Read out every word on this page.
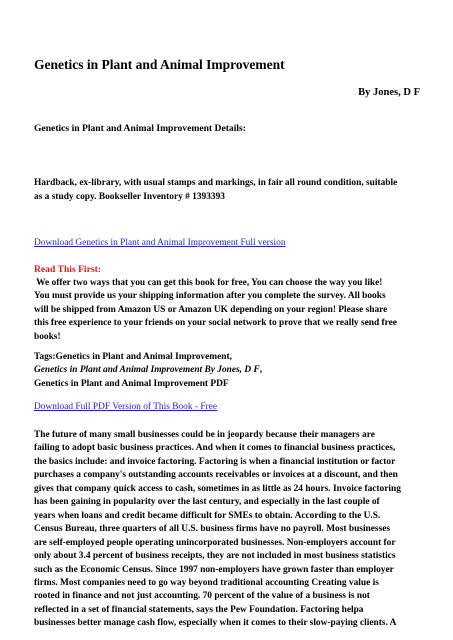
Genetics in Plant and Animal Improvement
By Jones, D F
Genetics in Plant and Animal Improvement Details:
Hardback, ex-library, with usual stamps and markings, in fair all round condition, suitable
as a study copy. Bookseller Inventory # 1393393
Download Genetics in Plant and Animal Improvement Full version
Read This First:
We offer two ways that you can get this book for free, You can choose the way you like!
You must provide us your shipping information after you complete the survey. All books
will be shipped from Amazon US or Amazon UK depending on your region! Please share
this free experience to your friends on your social network to prove that we really send free
books!
Tags:Genetics in Plant and Animal Improvement,
Genetics in Plant and Animal Improvement By Jones, D F,
Genetics in Plant and Animal Improvement PDF
Download Full PDF Version of This Book - Free
The future of many small businesses could be in jeopardy because their managers are
failing to adopt basic business practices. And when it comes to financial business practices,
the basics include: and invoice factoring. Factoring is when a financial institution or factor
purchases a company's outstanding accounts receivables or invoices at a discount, and then
gives that company quick access to cash, sometimes in as little as 24 hours. Invoice factoring
has been gaining in popularity over the last century, and especially in the last couple of
years when loans and credit became difficult for SMEs to obtain. According to the U.S.
Census Bureau, three quarters of all U.S. business firms have no payroll. Most businesses
are self-employed people operating unincorporated businesses. Non-employers account for
only about 3.4 percent of business receipts, they are not included in most business statistics
such as the Economic Census. Since 1997 non-employers have grown faster than employer
firms. Most companies need to go way beyond traditional accounting Creating value is
rooted in finance and not just accounting. 70 percent of the value of a business is not
reflected in a set of financial statements, says the Pew Foundation. Factoring helpa
businesses better manage cash flow, especially when it comes to their slow-paying clients. A
